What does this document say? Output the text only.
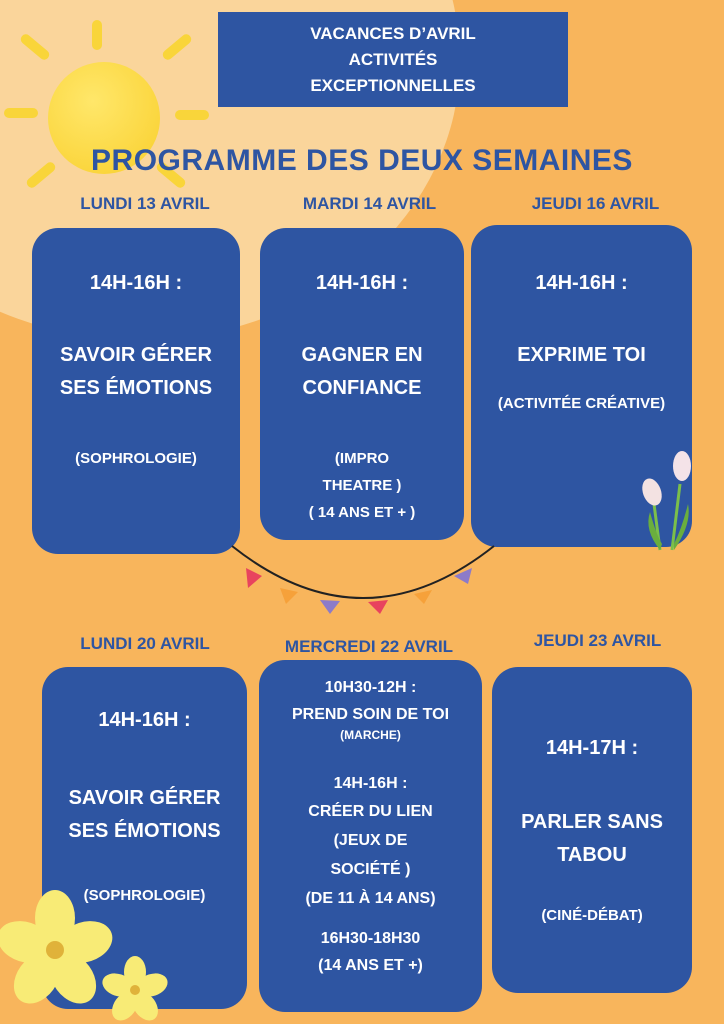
VACANCES D’AVRIL
ACTIVITÉS
EXCEPTIONNELLES
PROGRAMME DES DEUX SEMAINES
LUNDI 13 AVRIL	MARDI 14 AVRIL	JEUDI 16 AVRIL
14H-16H :
SAVOIR GÉRER
SES ÉMOTIONS
(SOPHROLOGIE)
14H-16H :
GAGNER EN
CONFIANCE
(IMPRO
THEATRE )
( 14 ANS ET + )
14H-16H :
EXPRIME TOI
(ACTIVITÉE CRÉATIVE)
LUNDI 20 AVRIL	MERCREDI 22 AVRIL	JEUDI 23 AVRIL
14H-16H :
SAVOIR GÉRER
SES ÉMOTIONS
(SOPHROLOGIE)
10H30-12H :
PREND SOIN DE TOI
(MARCHE)
14H-16H :
CRÉER DU LIEN
(JEUX DE
SOCIÉTÉ )
(DE 11 À 14 ANS)
16H30-18H30
(14 ANS ET +)
14H-17H :
PARLER SANS
TABOU
(CINÉ-DÉBAT)
